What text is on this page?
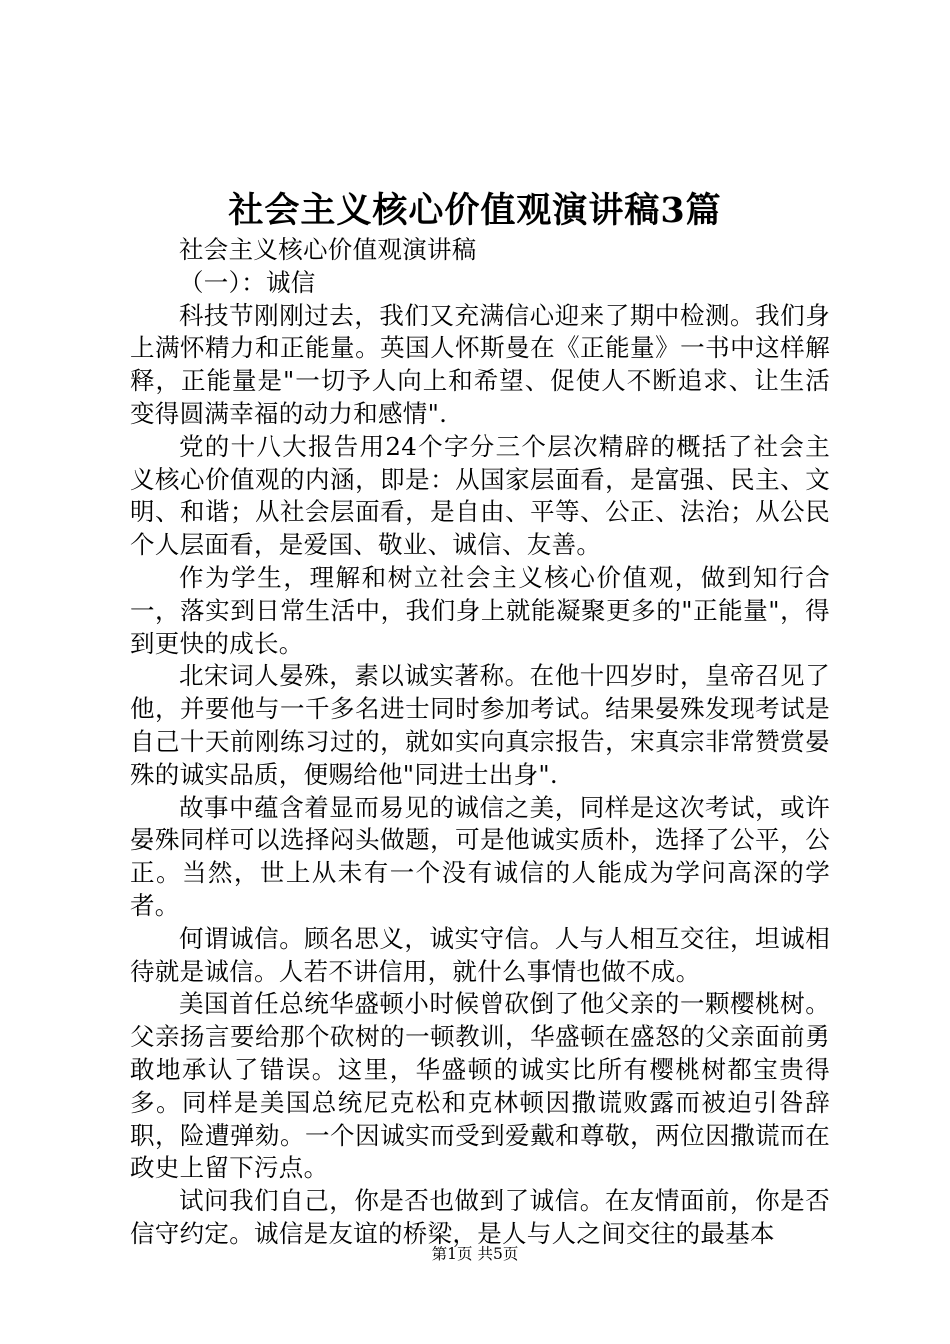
社会主义核心价值观演讲稿3篇

社会主义核心价值观演讲稿

（一）：诚信

科技节刚刚过去，我们又充满信心迎来了期中检测。我们身上满怀精力和正能量。英国人怀斯曼在《正能量》一书中这样解释，正能量是"一切予人向上和希望、促使人不断追求、让生活变得圆满幸福的动力和感情".

党的十八大报告用24个字分三个层次精辟的概括了社会主义核心价值观的内涵，即是：从国家层面看，是富强、民主、文明、和谐；从社会层面看，是自由、平等、公正、法治；从公民个人层面看，是爱国、敬业、诚信、友善。

作为学生，理解和树立社会主义核心价值观，做到知行合一，落实到日常生活中，我们身上就能凝聚更多的"正能量"，得到更快的成长。

北宋词人晏殊，素以诚实著称。在他十四岁时，皇帝召见了他，并要他与一千多名进士同时参加考试。结果晏殊发现考试是自己十天前刚练习过的，就如实向真宗报告，宋真宗非常赞赏晏殊的诚实品质，便赐给他"同进士出身".

故事中蕴含着显而易见的诚信之美，同样是这次考试，或许晏殊同样可以选择闷头做题，可是他诚实质朴，选择了公平，公正。当然，世上从未有一个没有诚信的人能成为学问高深的学者。

何谓诚信。顾名思义，诚实守信。人与人相互交往，坦诚相待就是诚信。人若不讲信用，就什么事情也做不成。

美国首任总统华盛顿小时候曾砍倒了他父亲的一颗樱桃树。父亲扬言要给那个砍树的一顿教训，华盛顿在盛怒的父亲面前勇敢地承认了错误。这里，华盛顿的诚实比所有樱桃树都宝贵得多。同样是美国总统尼克松和克林顿因撒谎败露而被迫引咎辞职，险遭弹劾。一个因诚实而受到爱戴和尊敬，两位因撒谎而在政史上留下污点。

试问我们自己，你是否也做到了诚信。在友情面前，你是否信守约定。诚信是友谊的桥梁，是人与人之间交往的最基本

第1页 共5页
